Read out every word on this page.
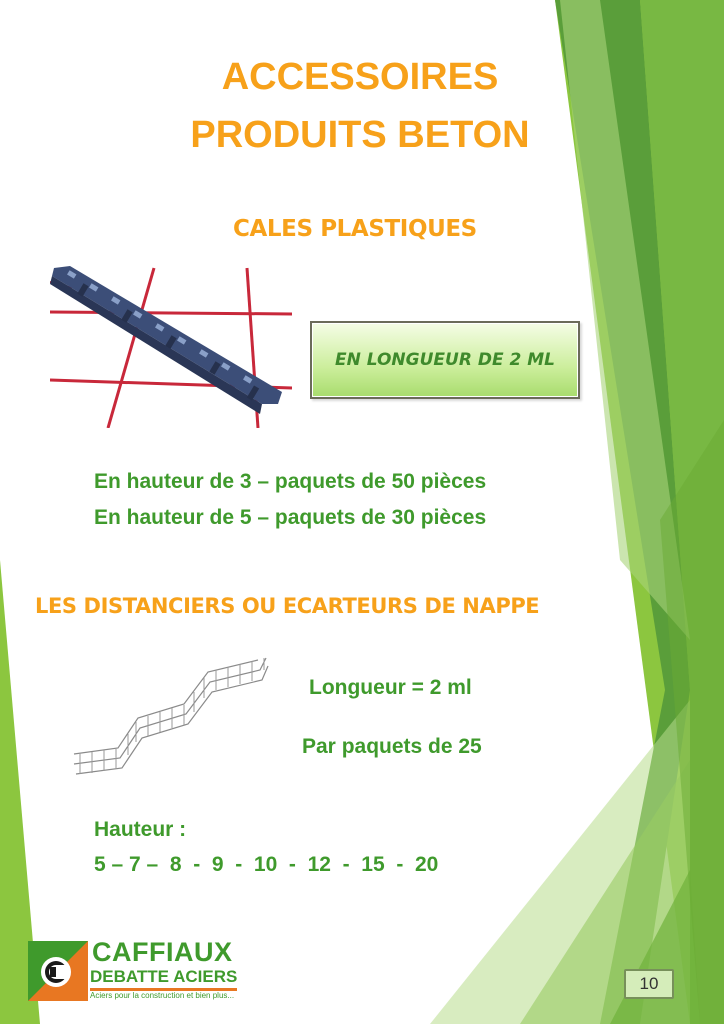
ACCESSOIRES
PRODUITS BETON
CALES PLASTIQUES
EN LONGUEUR DE 2 ML

En hauteur de 3 – paquets de 50 pièces

En hauteur de 5 – paquets de 30 pièces

LES DISTANCIERS OU ECARTEURS DE NAPPE

Longueur = 2 ml

Par paquets de 25

Hauteur :

5 – 7 –  8  -  9  -  10  -  12  -  15  -  20

CAFFIAUX

DEBATTE ACIERS

Aciers pour la construction et bien plus...

10
